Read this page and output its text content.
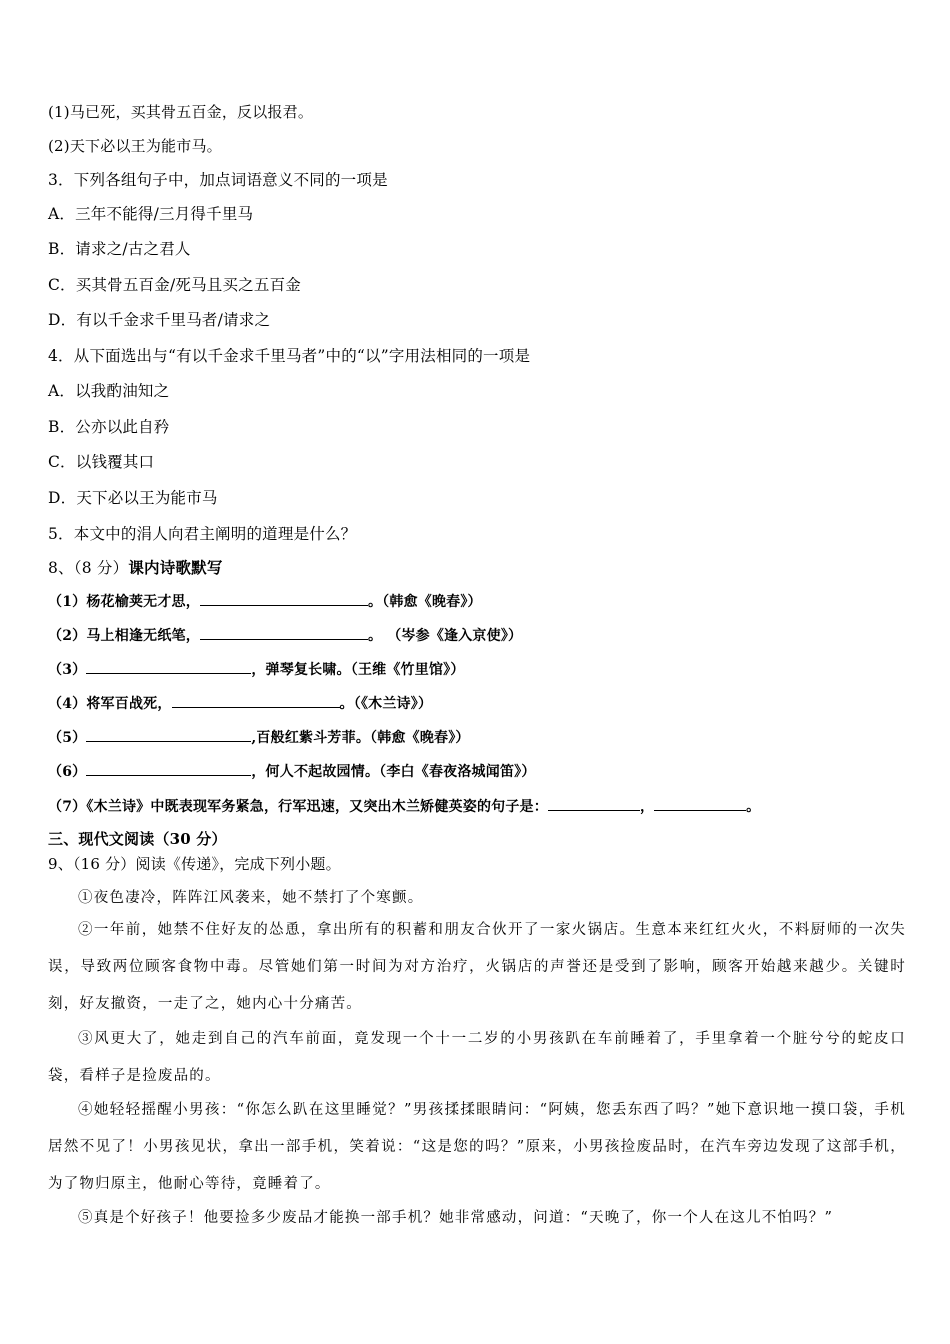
(1)马已死，买其骨五百金，反以报君。
(2)天下必以王为能市马。
3．下列各组句子中，加点词语意义不同的一项是
A．三年不能得/三月得千里马
B．请求之/古之君人
C．买其骨五百金/死马且买之五百金
D．有以千金求千里马者/请求之
4．从下面选出与“有以千金求千里马者”中的“以”字用法相同的一项是
A．以我酌油知之
B．公亦以此自矜
C．以钱覆其口
D．天下必以王为能市马
5．本文中的涓人向君主阐明的道理是什么？
8、（8 分）课内诗歌默写
（1）杨花榆荚无才思，	。（韩愈《晚春》）
（2）马上相逢无纸笔，	。 （岑参《逢入京使》）
（3）	，弹琴复长啸。（王维《竹里馆》）
（4）将军百战死，	。（《木兰诗》）
（5）	,百般红紫斗芳菲。（韩愈《晚春》）
（6）	，何人不起故园情。（李白《春夜洛城闻笛》）
（7）《木兰诗》中既表现军务紧急，行军迅速，又突出木兰矫健英姿的句子是：	，	。
三、现代文阅读（30 分）
9、（16 分）阅读《传递》，完成下列小题。
①夜色凄冷，阵阵江风袭来，她不禁打了个寒颤。
②一年前，她禁不住好友的怂恿，拿出所有的积蓄和朋友合伙开了一家火锅店。生意本来红红火火，不料厨师的一次失误，导致两位顾客食物中毒。尽管她们第一时间为对方治疗，火锅店的声誉还是受到了影响，顾客开始越来越少。关键时刻，好友撤资，一走了之，她内心十分痛苦。
③风更大了，她走到自己的汽车前面，竟发现一个十一二岁的小男孩趴在车前睡着了，手里拿着一个脏兮兮的蛇皮口袋，看样子是捡废品的。
④她轻轻摇醒小男孩：“你怎么趴在这里睡觉？”男孩揉揉眼睛问：“阿姨，您丢东西了吗？”她下意识地一摸口袋，手机居然不见了！小男孩见状，拿出一部手机，笑着说：“这是您的吗？”原来，小男孩捡废品时，在汽车旁边发现了这部手机，为了物归原主，他耐心等待，竟睡着了。
⑤真是个好孩子！他要捡多少废品才能换一部手机？她非常感动，问道：“天晚了，你一个人在这儿不怕吗？”
